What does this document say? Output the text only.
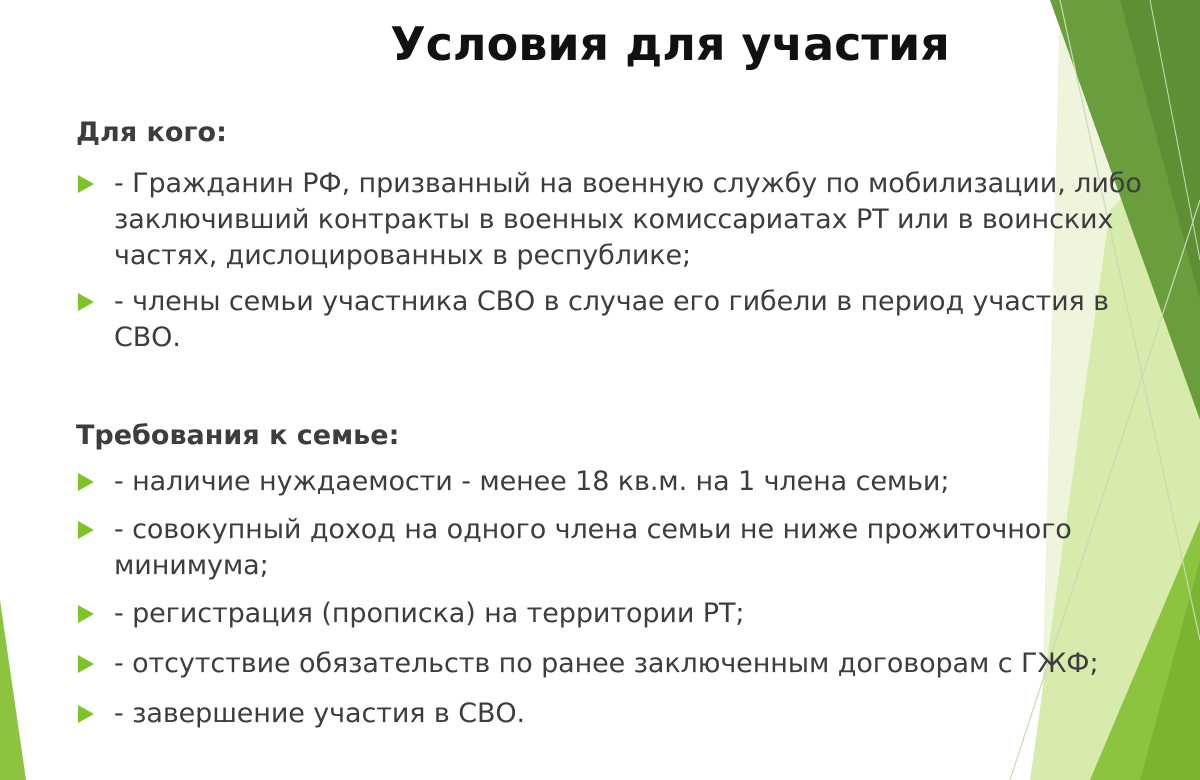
Условия для участия
Для кого:
- Гражданин РФ, призванный на военную службу по мобилизации, либо
заключивший контракты в военных комиссариатах РТ или в воинских
частях, дислоцированных в республике;
- члены семьи участника СВО в случае его гибели в период участия в
СВО.
Требования к семье:
- наличие нуждаемости - менее 18 кв.м. на 1 члена семьи;
- совокупный доход на одного члена семьи не ниже прожиточного
минимума;
- регистрация (прописка) на территории РТ;
- отсутствие обязательств по ранее заключенным договорам с ГЖФ;
- завершение участия в СВО.
